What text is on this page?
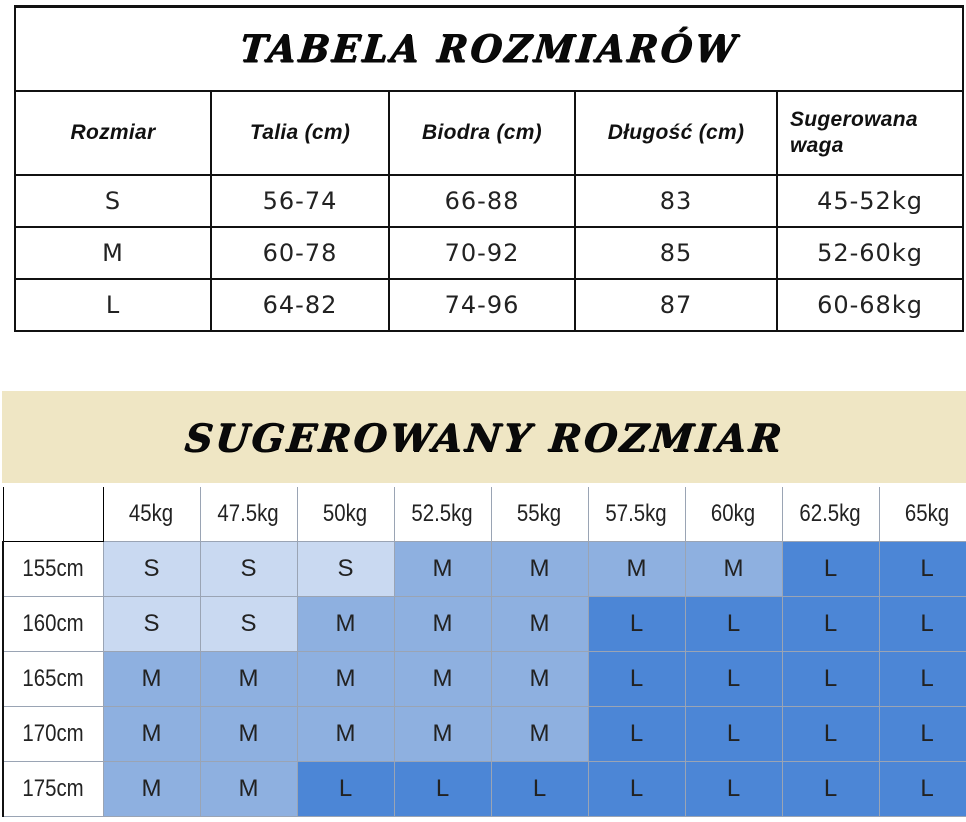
TABELA ROZMIARÓW				
Rozmiar	Talia (cm)	Biodra (cm)	Długość (cm)	Sugerowana waga
S	56-74	66-88	83	45-52kg
M	60-78	70-92	85	52-60kg
L	64-82	74-96	87	60-68kg
SUGEROWANY ROZMIAR
	45kg	47.5kg	50kg	52.5kg	55kg	57.5kg	60kg	62.5kg	65kg
155cm	S	S	S	M	M	M	M	L	L
160cm	S	S	M	M	M	L	L	L	L
165cm	M	M	M	M	M	L	L	L	L
170cm	M	M	M	M	M	L	L	L	L
175cm	M	M	L	L	L	L	L	L	L
